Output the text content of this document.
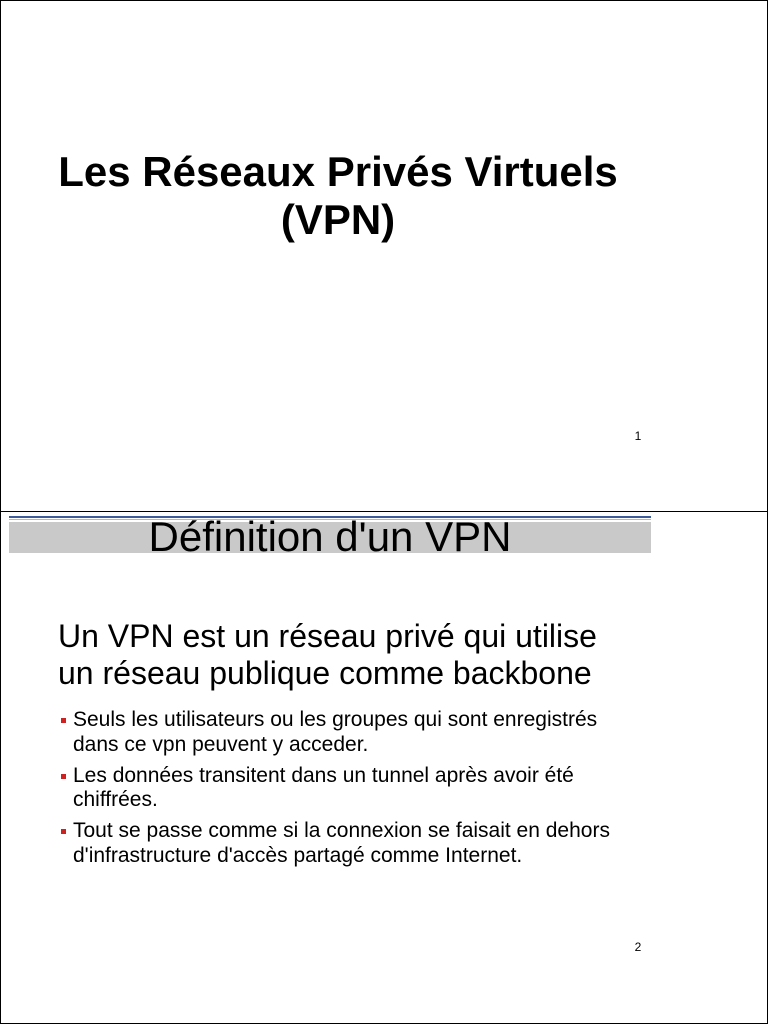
Les Réseaux Privés Virtuels
(VPN)
1
Définition d'un VPN
Un VPN est un réseau privé qui utilise
un réseau publique comme backbone
Seuls les utilisateurs ou les groupes qui sont enregistrés
dans ce vpn peuvent y acceder.
Les données transitent dans un tunnel après avoir été
chiffrées.
Tout se passe comme si la connexion se faisait en dehors
d'infrastructure d'accès partagé comme Internet.
2
